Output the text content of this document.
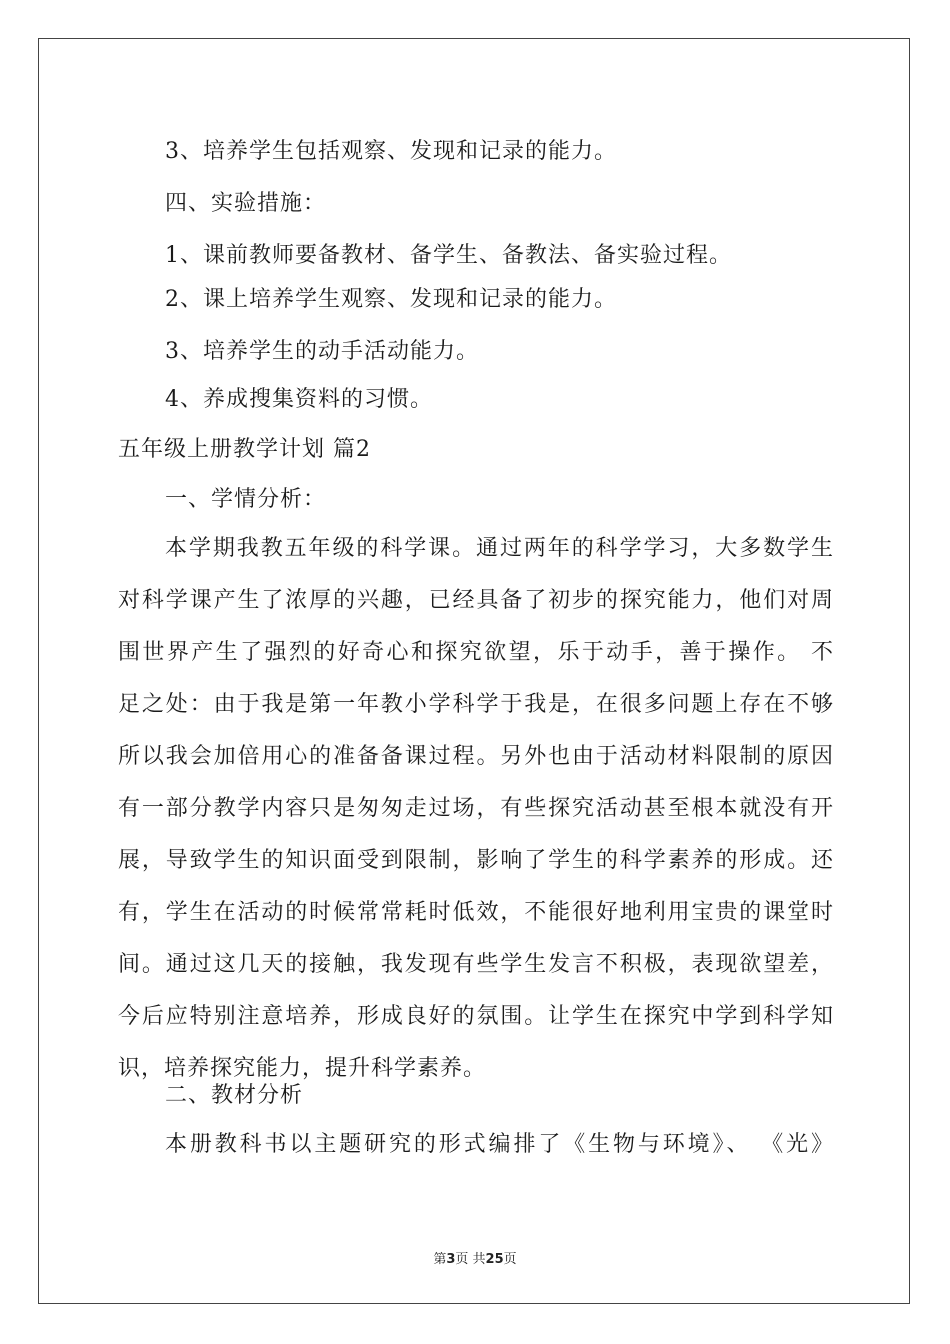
3、培养学生包括观察、发现和记录的能力。
四、实验措施：
1、课前教师要备教材、备学生、备教法、备实验过程。
2、课上培养学生观察、发现和记录的能力。
3、培养学生的动手活动能力。
4、养成搜集资料的习惯。
五年级上册教学计划 篇2
一、学情分析：
本学期我教五年级的科学课。通过两年的科学学习，大多数学生
对科学课产生了浓厚的兴趣，已经具备了初步的探究能力，他们对周
围世界产生了强烈的好奇心和探究欲望，乐于动手，善于操作。 不
足之处：由于我是第一年教小学科学于我是，在很多问题上存在不够
所以我会加倍用心的准备备课过程。另外也由于活动材料限制的原因
有一部分教学内容只是匆匆走过场，有些探究活动甚至根本就没有开
展，导致学生的知识面受到限制，影响了学生的科学素养的形成。还
有，学生在活动的时候常常耗时低效，不能很好地利用宝贵的课堂时
间。通过这几天的接触，我发现有些学生发言不积极，表现欲望差，
今后应特别注意培养，形成良好的氛围。让学生在探究中学到科学知
识，培养探究能力，提升科学素养。
二、教材分析
本册教科书以主题研究的形式编排了《生物与环境》、 《光》
第3页 共25页
